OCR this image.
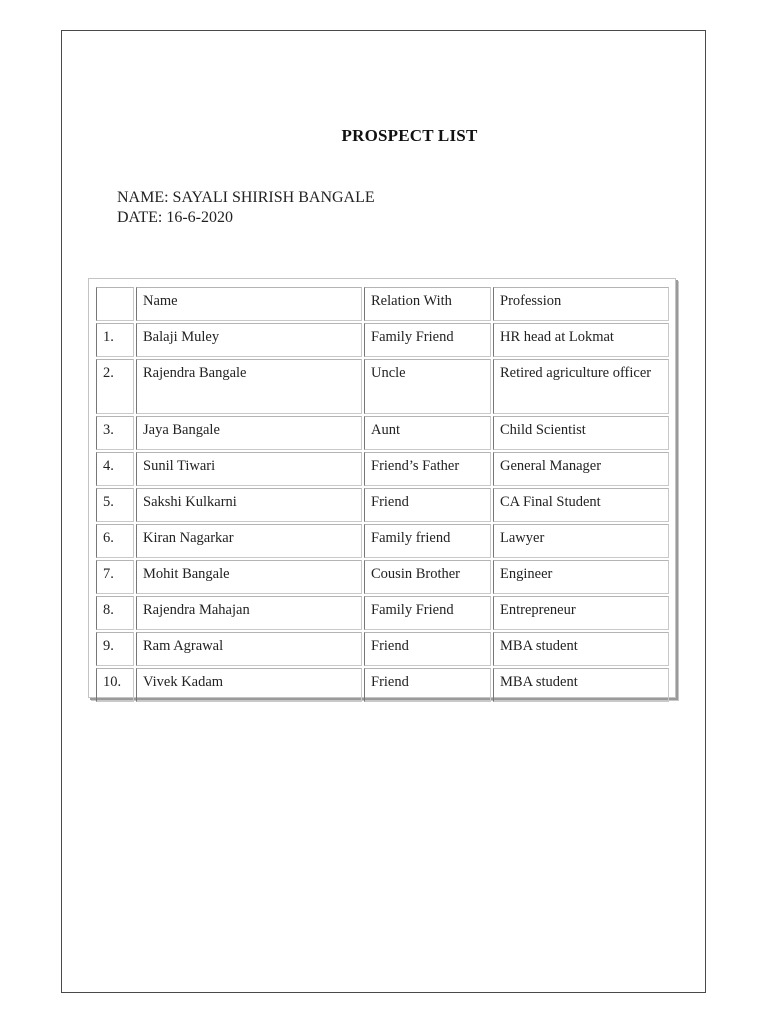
PROSPECT LIST
NAME: SAYALI SHIRISH BANGALE
DATE: 16-6-2020
	Name	Relation With	Profession
1.	Balaji Muley	Family Friend	HR head at Lokmat
2.	Rajendra Bangale	Uncle	Retired agriculture officer
3.	Jaya Bangale	Aunt	Child Scientist
4.	Sunil Tiwari	Friend’s Father	General Manager
5.	Sakshi Kulkarni	Friend	CA Final Student
6.	Kiran Nagarkar	Family friend	Lawyer
7.	Mohit Bangale	Cousin Brother	Engineer
8.	Rajendra Mahajan	Family Friend	Entrepreneur
9.	Ram Agrawal	Friend	MBA student
10.	Vivek Kadam	Friend	MBA student
